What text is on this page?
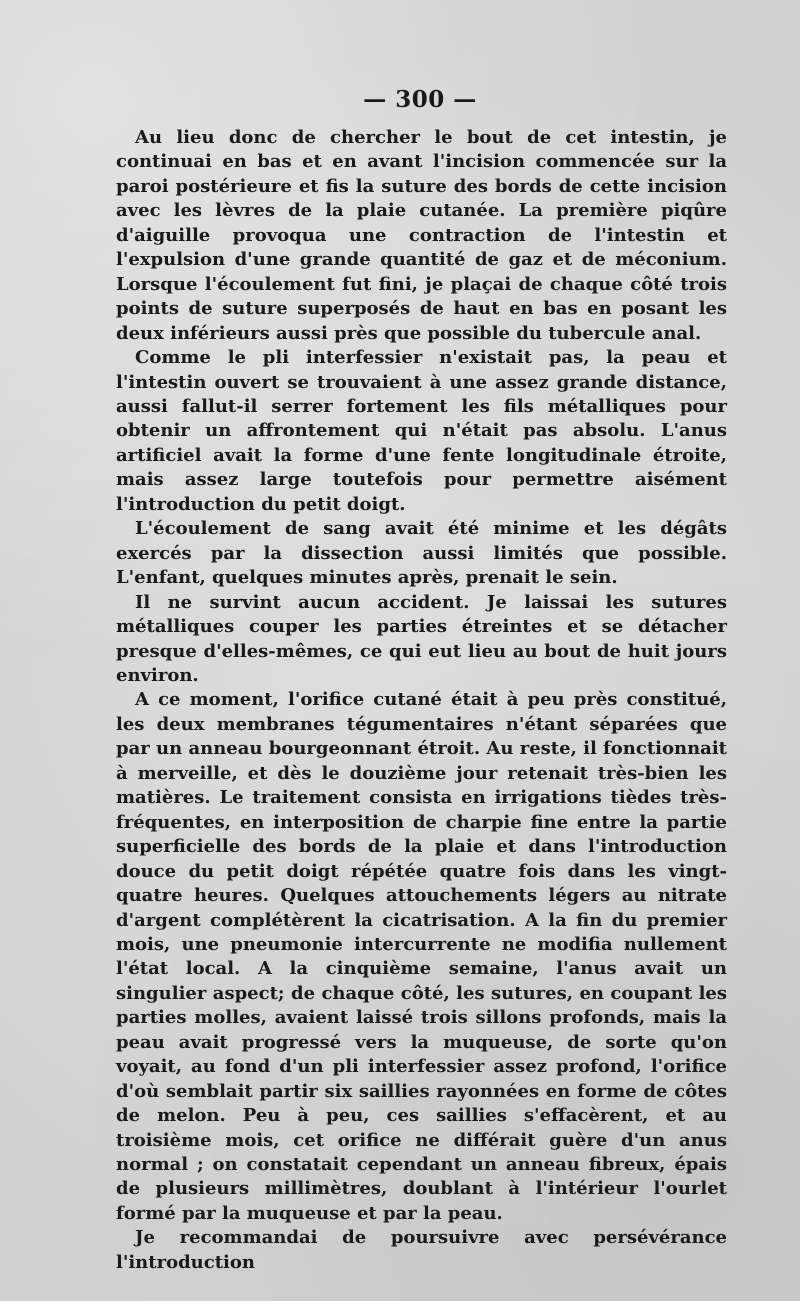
— 300 —

Au lieu donc de chercher le bout de cet intestin, je continuai en bas et en avant l'incision commencée sur la paroi postérieure et fis la suture des bords de cette incision avec les lèvres de la plaie cutanée. La première piqûre d'aiguille provoqua une contraction de l'intestin et l'expulsion d'une grande quantité de gaz et de méconium. Lorsque l'écoulement fut fini, je plaçai de chaque côté trois points de suture superposés de haut en bas en posant les deux inférieurs aussi près que possible du tubercule anal.

Comme le pli interfessier n'existait pas, la peau et l'intestin ouvert se trouvaient à une assez grande distance, aussi fallut-il serrer fortement les fils métalliques pour obtenir un affrontement qui n'était pas absolu. L'anus artificiel avait la forme d'une fente longitudinale étroite, mais assez large toutefois pour permettre aisément l'introduction du petit doigt.

L'écoulement de sang avait été minime et les dégâts exercés par la dissection aussi limités que possible. L'enfant, quelques minutes après, prenait le sein.

Il ne survint aucun accident. Je laissai les sutures métalliques couper les parties étreintes et se détacher presque d'elles-mêmes, ce qui eut lieu au bout de huit jours environ.

A ce moment, l'orifice cutané était à peu près constitué, les deux membranes tégumentaires n'étant séparées que par un anneau bourgeonnant étroit. Au reste, il fonctionnait à merveille, et dès le douzième jour retenait très-bien les matières. Le traitement consista en irrigations tièdes très-fréquentes, en interposition de charpie fine entre la partie superficielle des bords de la plaie et dans l'introduction douce du petit doigt répétée quatre fois dans les vingt-quatre heures. Quelques attouchements légers au nitrate d'argent complétèrent la cicatrisation. A la fin du premier mois, une pneumonie intercurrente ne modifia nullement l'état local. A la cinquième semaine, l'anus avait un singulier aspect; de chaque côté, les sutures, en coupant les parties molles, avaient laissé trois sillons profonds, mais la peau avait progressé vers la muqueuse, de sorte qu'on voyait, au fond d'un pli interfessier assez profond, l'orifice d'où semblait partir six saillies rayonnées en forme de côtes de melon. Peu à peu, ces saillies s'effacèrent, et au troisième mois, cet orifice ne différait guère d'un anus normal ; on constatait cependant un anneau fibreux, épais de plusieurs millimètres, doublant à l'intérieur l'ourlet formé par la muqueuse et par la peau.

Je recommandai de poursuivre avec persévérance l'introduction
